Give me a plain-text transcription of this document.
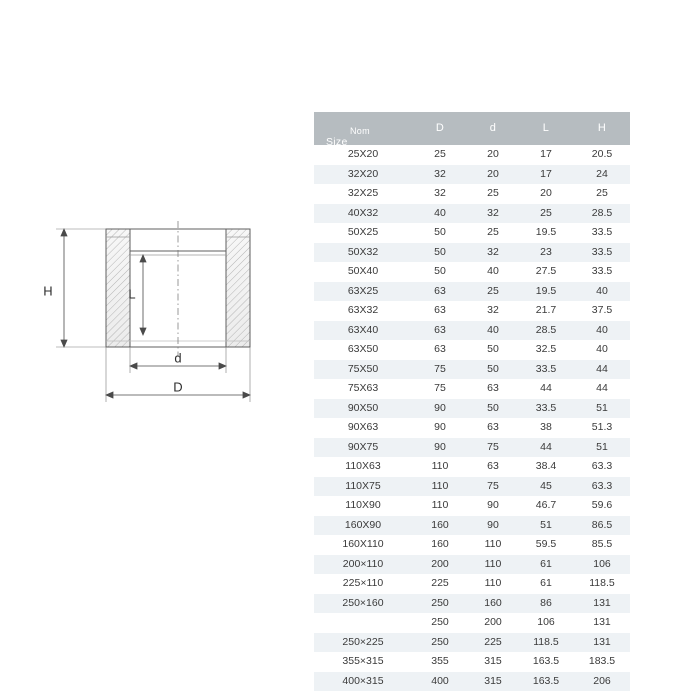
H	L
d
D
Nom
Size	D	d	L	H
25X20	25	20	17	20.5
32X20	32	20	17	24
32X25	32	25	20	25
40X32	40	32	25	28.5
50X25	50	25	19.5	33.5
50X32	50	32	23	33.5
50X40	50	40	27.5	33.5
63X25	63	25	19.5	40
63X32	63	32	21.7	37.5
63X40	63	40	28.5	40
63X50	63	50	32.5	40
75X50	75	50	33.5	44
75X63	75	63	44	44
90X50	90	50	33.5	51
90X63	90	63	38	51.3
90X75	90	75	44	51
110X63	110	63	38.4	63.3
110X75	110	75	45	63.3
110X90	110	90	46.7	59.6
160X90	160	90	51	86.5
160X110	160	110	59.5	85.5
200×110	200	110	61	106
225×110	225	110	61	118.5
250×160	250	160	86	131
	250	200	106	131
250×225	250	225	118.5	131
355×315	355	315	163.5	183.5
400×315	400	315	163.5	206
